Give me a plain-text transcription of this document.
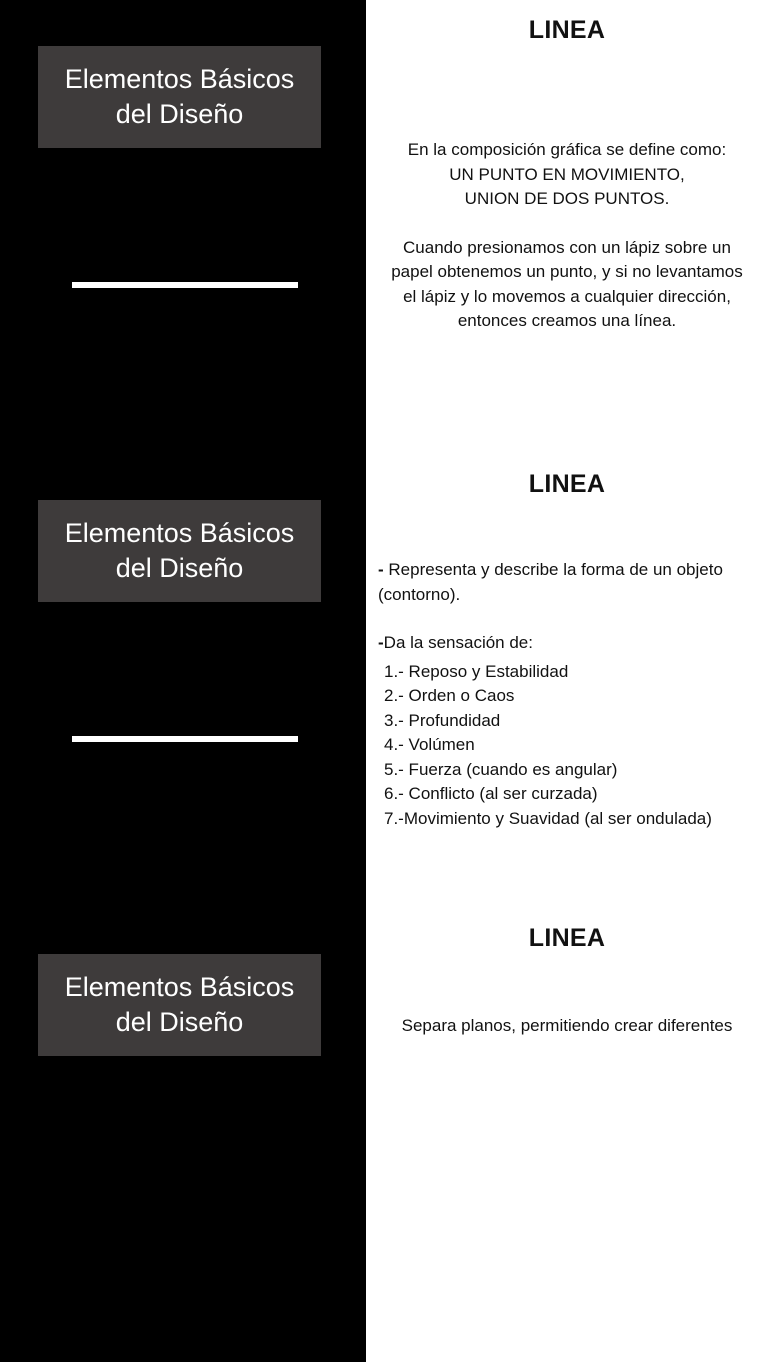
Elementos Básicos del Diseño
LINEA

En la composición gráfica se define como:

UN PUNTO EN MOVIMIENTO,

UNION DE DOS PUNTOS.

Cuando presionamos con un lápiz sobre un

papel obtenemos un punto, y si no levantamos

el lápiz y lo movemos a cualquier dirección,

entonces creamos una línea.

Elementos Básicos del Diseño
LINEA

- Representa y describe la forma de un objeto (contorno).

-Da la sensación de:

1.- Reposo y Estabilidad
2.- Orden o Caos
3.- Profundidad
4.- Volúmen
5.- Fuerza (cuando es angular)
6.- Conflicto (al ser curzada)
7.-Movimiento y Suavidad (al ser ondulada)
Elementos Básicos del Diseño
LINEA
Separa planos, permitiendo crear diferentes
